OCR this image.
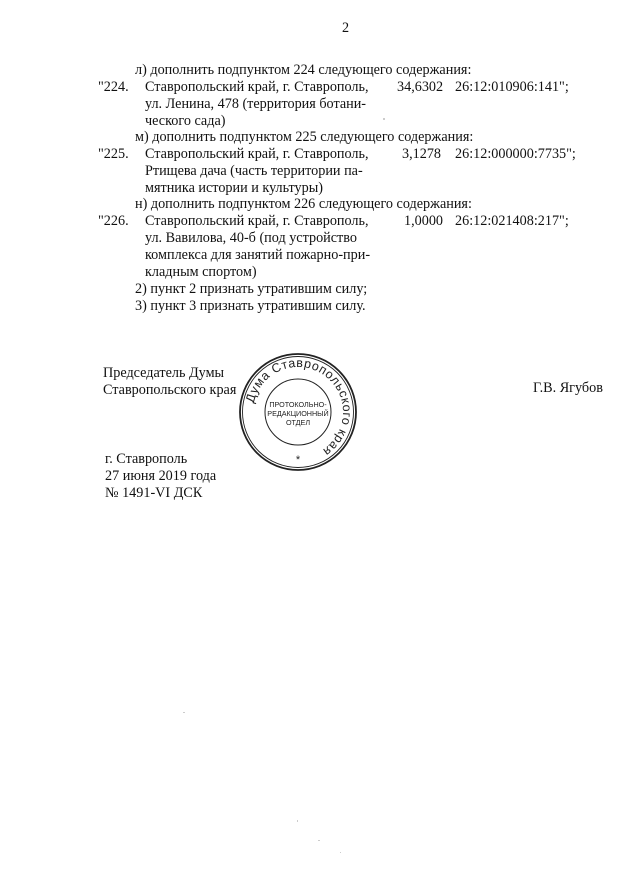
2
л) дополнить подпунктом 224 следующего содержания:
"224. Ставропольский край, г. Ставрополь,
ул. Ленина, 478 (территория ботани-
ческого сада)
34,6302 26:12:010906:141";
м) дополнить подпунктом 225 следующего содержания:
"225. Ставропольский край, г. Ставрополь,
Ртищева дача (часть территории па-
мятника истории и культуры)
3,1278 26:12:000000:7735";
н) дополнить подпунктом 226 следующего содержания:
"226. Ставропольский край, г. Ставрополь,
ул. Вавилова, 40-б (под устройство
комплекса для занятий пожарно-при-
кладным спортом)
1,0000 26:12:021408:217";
2) пункт 2 признать утратившим силу;
3) пункт 3 признать утратившим силу.
Председатель Думы
Ставропольского края	Г.В. Ягубов
Дума Ставропольского края
ПРОТОКОЛЬНО-
РЕДАКЦИОННЫЙ
ОТДЕЛ
*
г. Ставрополь
27 июня 2019 года
№ 1491-VI ДСК
